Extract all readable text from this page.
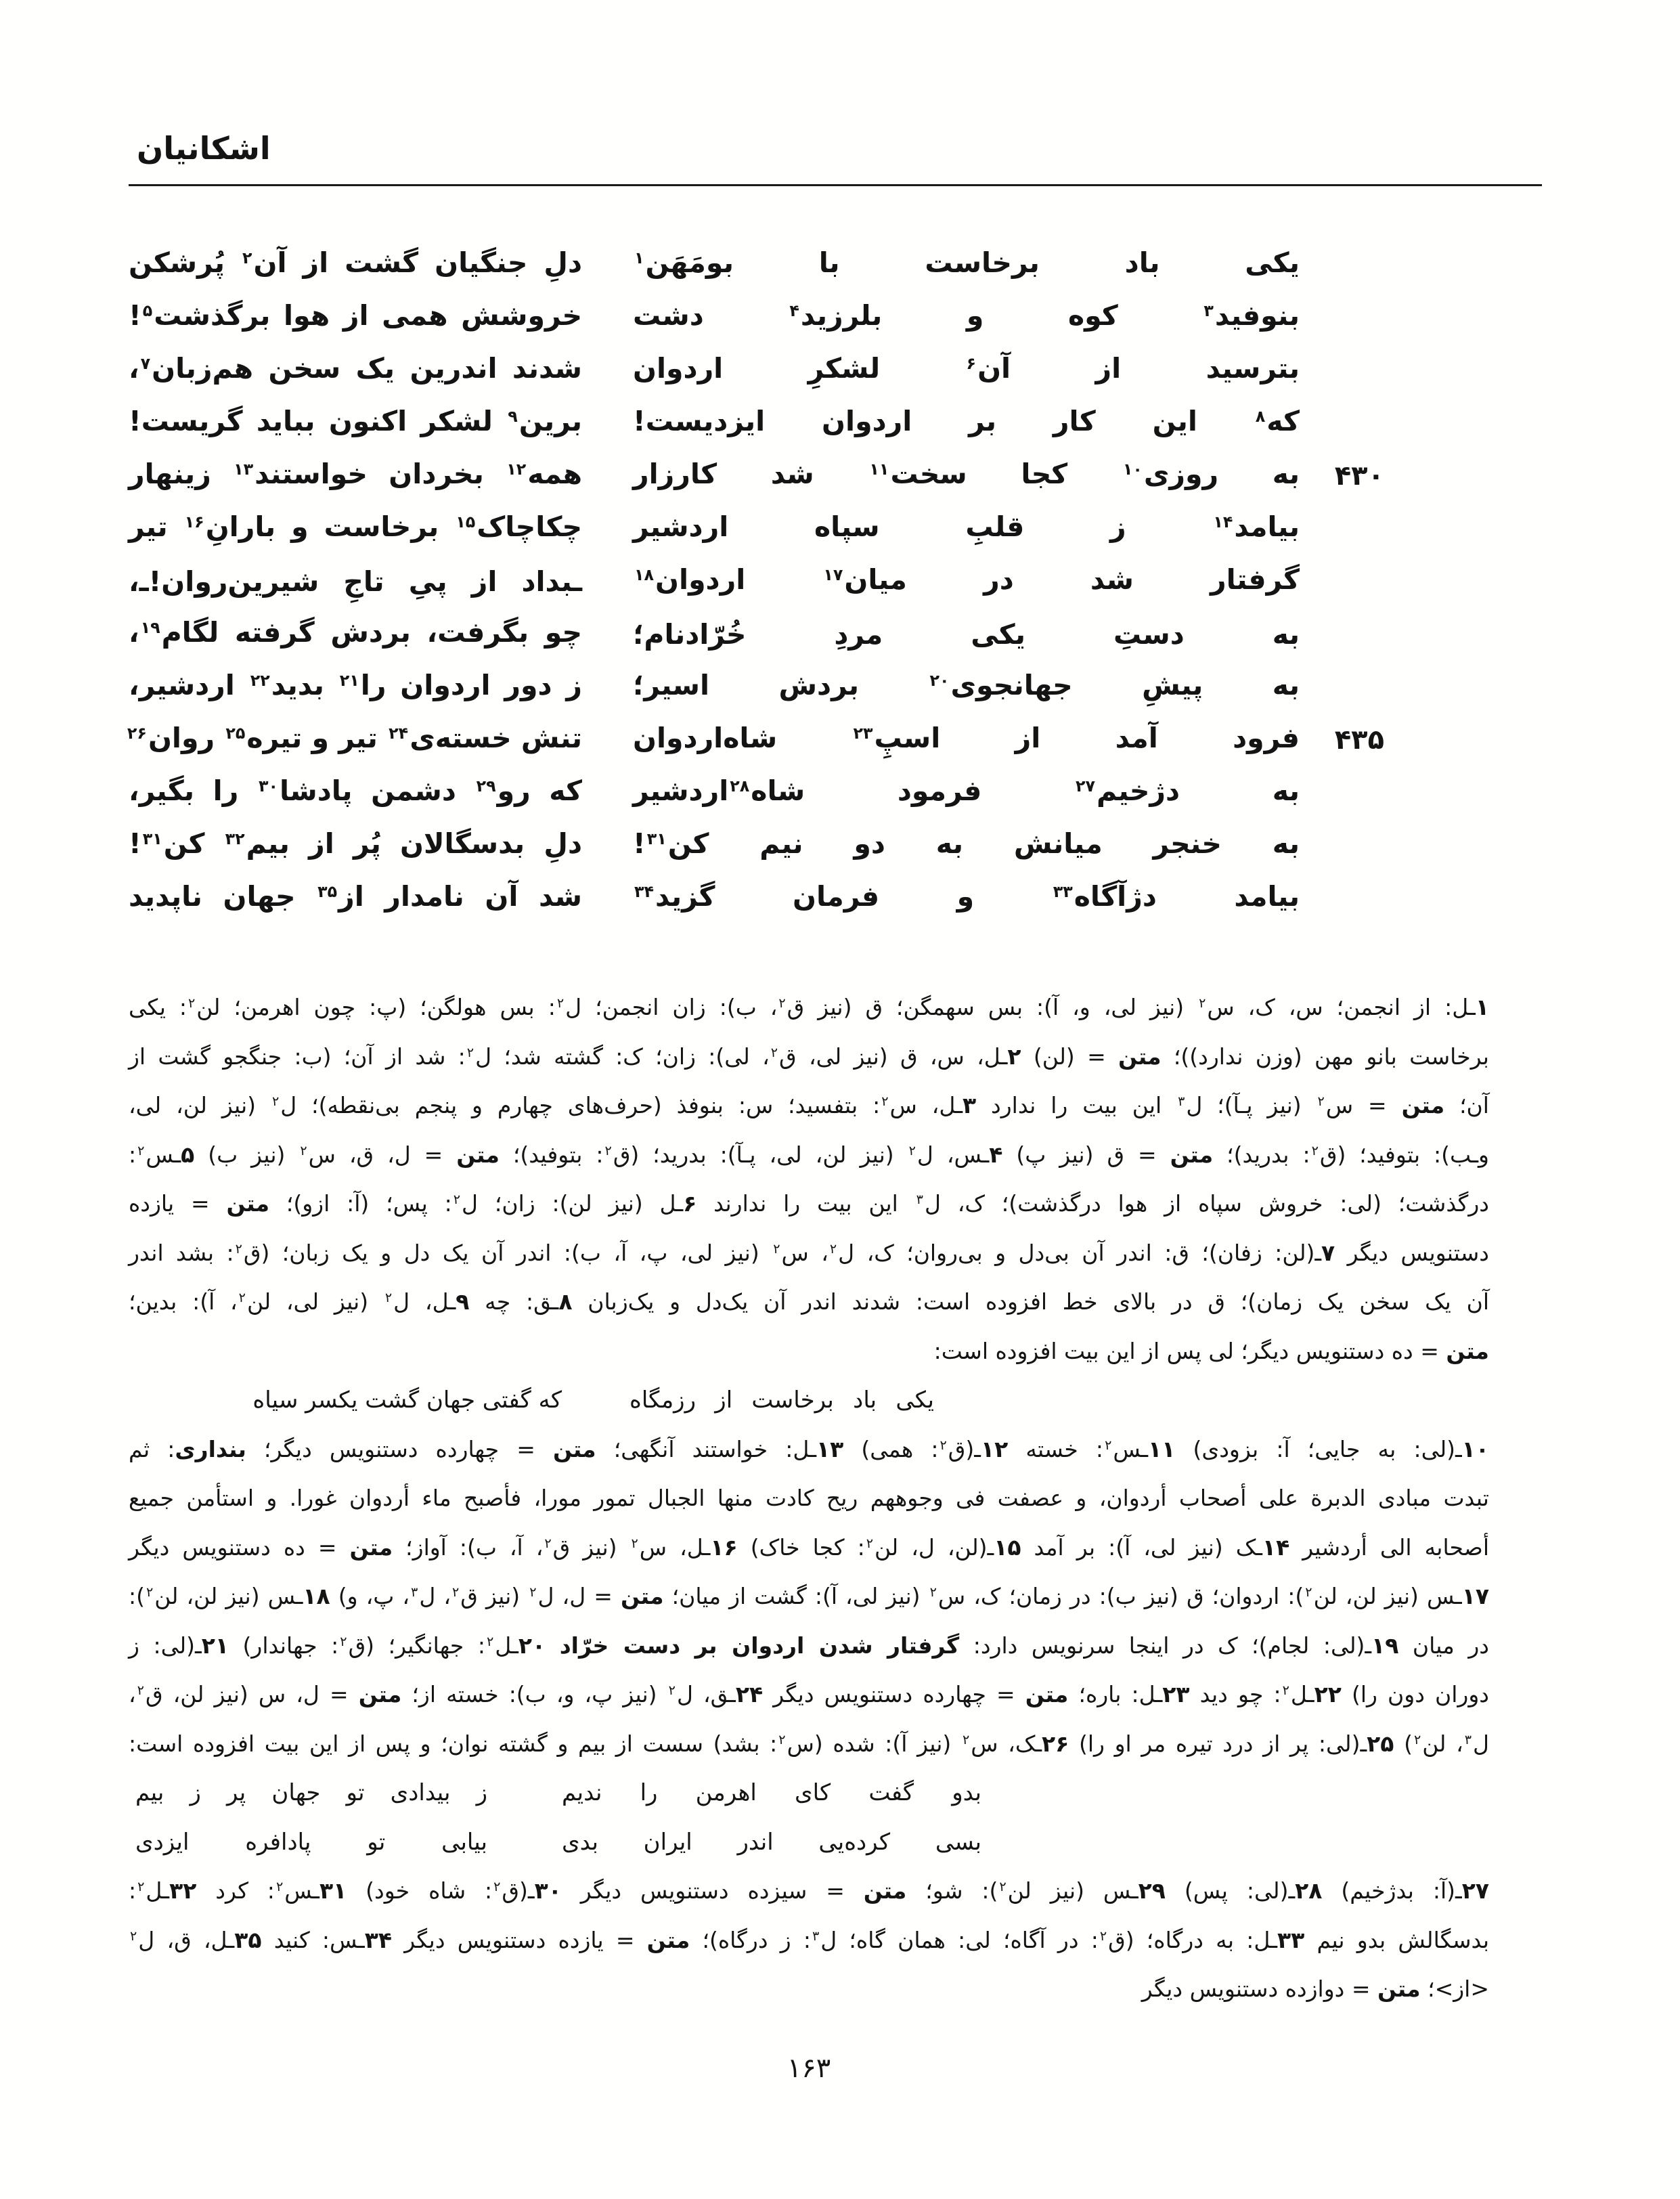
اشکانیان
یکی باد برخاست با بومَهَن$^۱$
دلِ جنگیان گشت از آن$^۲$ پُرشکن
بنوفید$^۳$ کوه و بلرزید$^۴$ دشت
خروشش همی از هوا برگذشت$^۵$!
بترسید از آن$^۶$ لشکرِ اردوان
شدند اندرین یک سخن هم‌زبان$^۷$،
که$^۸$ این کار بر اردوان ایزدیست!
برین$^۹$ لشکر اکنون بباید گریست!
۴۳۰
به روزی$^{۱۰}$ کجا سخت$^{۱۱}$ شد کارزار
همه$^{۱۲}$ بخردان خواستند$^{۱۳}$ زینهار
بیامد$^{۱۴}$ ز قلبِ سپاه اردشیر
چکاچاک$^{۱۵}$ برخاست و بارانِ$^{۱۶}$ تیر
گرفتار شد در میان$^{۱۷}$ اردوان$^{۱۸}$
ـبداد از پیِ تاجِ شیرین‌روان!ـ،
به دستِ یکی مردِ خُرّادنام؛
چو بگرفت، بردش گرفته لگام$^{۱۹}$،
به پیشِ جهانجوی$^{۲۰}$ بردش اسیر؛
ز دور اردوان را$^{۲۱}$ بدید$^{۲۲}$ اردشیر،
۴۳۵
فرود آمد از اسپِ$^{۲۳}$ شاه‌اردوان
تنش خسته‌ی$^{۲۴}$ تیر و تیره$^{۲۵}$ روان$^{۲۶}$
به دژخیم$^{۲۷}$ فرمود شاه$^{۲۸}$اردشیر
که رو$^{۲۹}$ دشمن پادشا$^{۳۰}$ را بگیر،
به خنجر میانش به دو نیم کن$^{۳۱}$!
دلِ بدسگالان پُر از بیم$^{۳۲}$ کن$^{۳۱}$!
بیامد دژآگاه$^{۳۳}$ و فرمان گزید$^{۳۴}$
شد آن نامدار از$^{۳۵}$ جهان ناپدید
۱ـل: از انجمن؛ س، ک، س$^۲$ (نیز لی، و، آ): بس سهمگن؛ ق (نیز ق$^۲$، ب): زان انجمن؛ ل$^۲$: بس هولگن؛ (پ: چون اهرمن؛ لن$^۲$: یکی
برخاست بانو مهن (وزن ندارد))؛ متن = (لن) ۲ـل، س، ق (نیز لی، ق$^۲$، لی): زان؛ ک: گشته شد؛ ل$^۲$: شد از آن؛ (ب: جنگجو گشت از
آن؛ متن = س$^۲$ (نیز پـآ)؛ ل$^۳$ این بیت را ندارد ۳ـل، س$^۲$: بتفسید؛ س: بنوفذ (حرف‌های چهارم و پنجم بی‌نقطه)؛ ل$^۲$ (نیز لن، لی،
وـب): بتوفید؛ (ق$^۲$: بدرید)؛ متن = ق (نیز پ) ۴ـس، ل$^۲$ (نیز لن، لی، پـآ): بدرید؛ (ق$^۲$: بتوفید)؛ متن = ل، ق، س$^۲$ (نیز ب) ۵ـس$^۲$:
درگذشت؛ (لی: خروش سپاه از هوا درگذشت)؛ ک، ل$^۳$ این بیت را ندارند ۶ـل (نیز لن): زان؛ ل$^۲$: پس؛ (آ: ازو)؛ متن = یازده
دستنویس دیگر ۷ـ(لن: زفان)؛ ق: اندر آن بی‌دل و بی‌روان؛ ک، ل$^۲$، س$^۲$ (نیز لی، پ، آ، ب): اندر آن یک دل و یک زبان؛ (ق$^۲$: بشد اندر
آن یک سخن یک زمان)؛ ق در بالای خط افزوده است: شدند اندر آن یک‌دل و یک‌زبان ۸ـق: چه ۹ـل، ل$^۲$ (نیز لی، لن$^۲$، آ): بدین؛
متن = ده دستنویس دیگر؛ لی پس از این بیت افزوده است:
یکی باد برخاست از رزمگاه
که گفتی جهان گشت یکسر سیاه
۱۰ـ(لی: به جایی؛ آ: بزودی) ۱۱ـس$^۲$: خسته ۱۲ـ(ق$^۲$: همی) ۱۳ـل: خواستند آنگهی؛ متن = چهارده دستنویس دیگر؛ بنداری: ثم
تبدت مبادی الدبرة علی أصحاب أردوان، و عصفت فی وجوههم ریح کادت منها الجبال تمور مورا، فأصبح ماء أردوان غورا. و استأمن جمیع
أصحابه الی أردشیر ۱۴ـک (نیز لی، آ): بر آمد ۱۵ـ(لن، ل، لن$^۲$: کجا خاک) ۱۶ـل، س$^۲$ (نیز ق$^۲$، آ، ب): آواز؛ متن = ده دستنویس دیگر
۱۷ـس (نیز لن، لن$^۲$): اردوان؛ ق (نیز ب): در زمان؛ ک، س$^۲$ (نیز لی، آ): گشت از میان؛ متن = ل، ل$^۲$ (نیز ق$^۲$، ل$^۳$، پ، و) ۱۸ـس (نیز لن، لن$^۲$):
در میان ۱۹ـ(لی: لجام)؛ ک در اینجا سرنویس دارد: گرفتار شدن اردوان بر دست خرّاد ۲۰ـل$^۲$: جهانگیر؛ (ق$^۲$: جهاندار) ۲۱ـ(لی: ز
دوران دون را) ۲۲ـل$^۲$: چو دید ۲۳ـل: باره؛ متن = چهارده دستنویس دیگر ۲۴ـق، ل$^۲$ (نیز پ، و، ب): خسته از؛ متن = ل، س (نیز لن، ق$^۲$،
ل$^۳$، لن$^۲$) ۲۵ـ(لی: پر از درد تیره مر او را) ۲۶ـک، س$^۲$ (نیز آ): شده (س$^۲$: بشد) سست از بیم و گشته نوان؛ و پس از این بیت افزوده است:
بدو گفت کای اهرمن را ندیم
ز بیدادی تو جهان پر ز بیم
بسی کرده‌یی اندر ایران بدی
بیابی تو پادافره ایزدی
۲۷ـ(آ: بدژخیم) ۲۸ـ(لی: پس) ۲۹ـس (نیز لن$^۲$): شو؛ متن = سیزده دستنویس دیگر ۳۰ـ(ق$^۲$: شاه خود) ۳۱ـس$^۲$: کرد ۳۲ـل$^۲$:
بدسگالش بدو نیم ۳۳ـل: به درگاه؛ (ق$^۲$: در آگاه؛ لی: همان گاه؛ ل$^۳$: ز درگاه)؛ متن = یازده دستنویس دیگر ۳۴ـس: کنید ۳۵ـل، ق، ل$^۲$
<از>؛ متن = دوازده دستنویس دیگر
۱۶۳
